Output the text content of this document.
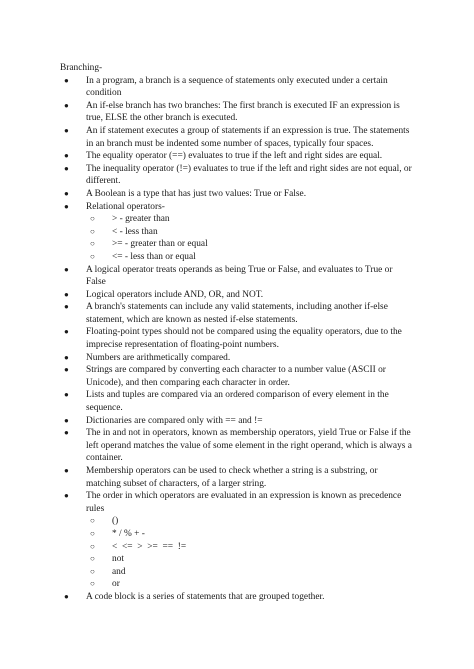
Branching-
● In a program, a branch is a sequence of statements only executed under a certain condition
● An if-else branch has two branches: The first branch is executed IF an expression is true, ELSE the other branch is executed.
● An if statement executes a group of statements if an expression is true. The statements in an branch must be indented some number of spaces, typically four spaces.
● The equality operator (==) evaluates to true if the left and right sides are equal.
● The inequality operator (!=) evaluates to true if the left and right sides are not equal, or different.
● A Boolean is a type that has just two values: True or False.
● Relational operators-
○ > - greater than
○ < - less than
○ >= - greater than or equal
○ <= - less than or equal
● A logical operator treats operands as being True or False, and evaluates to True or False
● Logical operators include AND, OR, and NOT.
● A branch's statements can include any valid statements, including another if-else statement, which are known as nested if-else statements.
● Floating-point types should not be compared using the equality operators, due to the imprecise representation of floating-point numbers.
● Numbers are arithmetically compared.
● Strings are compared by converting each character to a number value (ASCII or Unicode), and then comparing each character in order.
● Lists and tuples are compared via an ordered comparison of every element in the sequence.
● Dictionaries are compared only with == and !=
● The in and not in operators, known as membership operators, yield True or False if the left operand matches the value of some element in the right operand, which is always a container.
● Membership operators can be used to check whether a string is a substring, or matching subset of characters, of a larger string.
● The order in which operators are evaluated in an expression is known as precedence rules
○ ()
○ * / % + -
○ <  <=  >  >=  ==  !=
○ not
○ and
○ or
● A code block is a series of statements that are grouped together.
